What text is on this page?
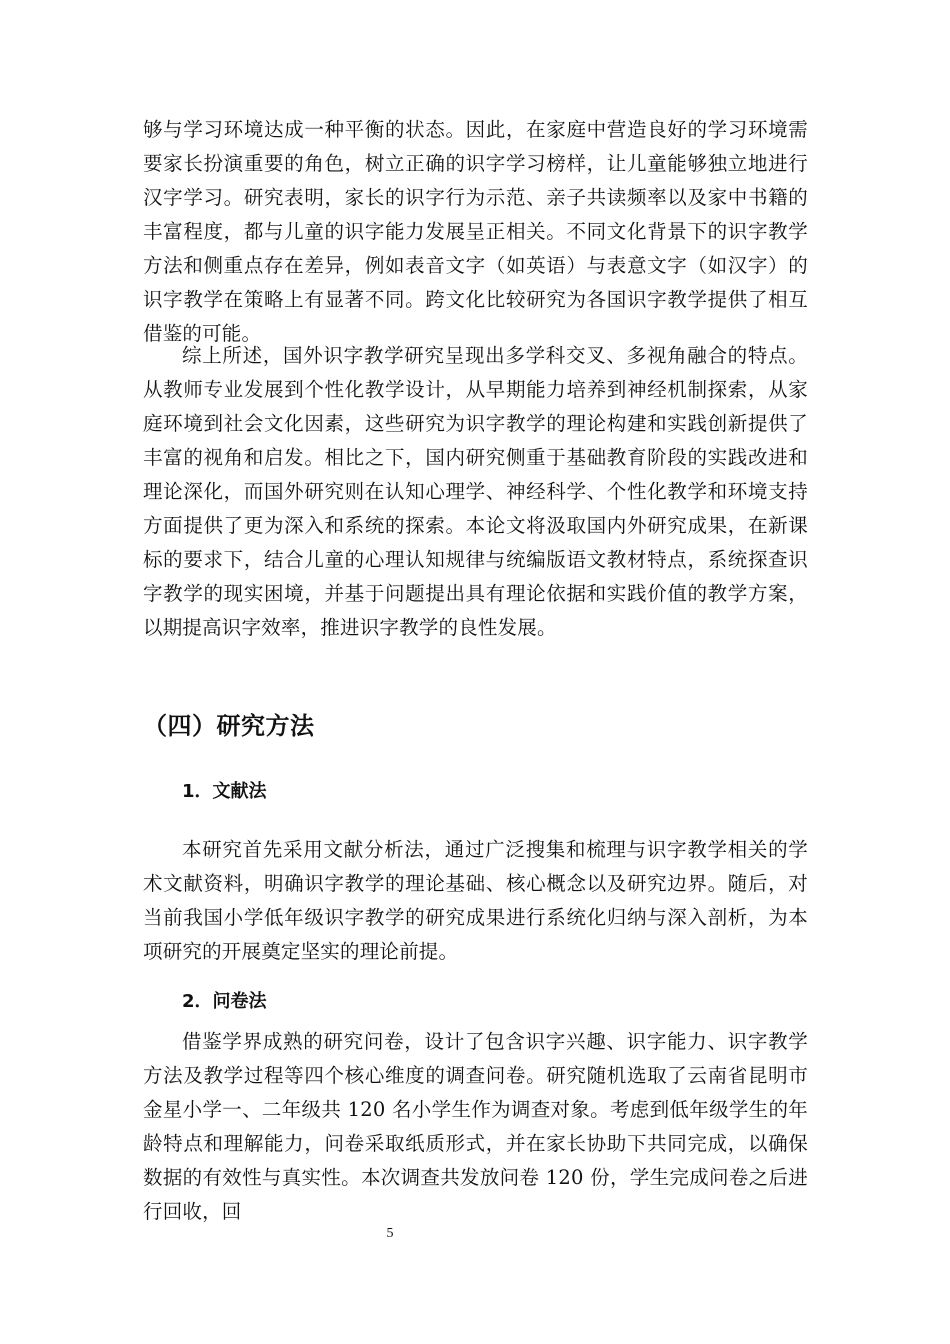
够与学习环境达成一种平衡的状态。因此，在家庭中营造良好的学习环境需要家长扮演重要的角色，树立正确的识字学习榜样，让儿童能够独立地进行汉字学习。研究表明，家长的识字行为示范、亲子共读频率以及家中书籍的丰富程度，都与儿童的识字能力发展呈正相关。不同文化背景下的识字教学方法和侧重点存在差异，例如表音文字（如英语）与表意文字（如汉字）的识字教学在策略上有显著不同。跨文化比较研究为各国识字教学提供了相互借鉴的可能。

综上所述，国外识字教学研究呈现出多学科交叉、多视角融合的特点。从教师专业发展到个性化教学设计，从早期能力培养到神经机制探索，从家庭环境到社会文化因素，这些研究为识字教学的理论构建和实践创新提供了丰富的视角和启发。相比之下，国内研究侧重于基础教育阶段的实践改进和理论深化，而国外研究则在认知心理学、神经科学、个性化教学和环境支持方面提供了更为深入和系统的探索。本论文将汲取国内外研究成果，在新课标的要求下，结合儿童的心理认知规律与统编版语文教材特点，系统探查识字教学的现实困境，并基于问题提出具有理论依据和实践价值的教学方案，以期提高识字效率，推进识字教学的良性发展。

（四）研究方法
1．文献法

本研究首先采用文献分析法，通过广泛搜集和梳理与识字教学相关的学术文献资料，明确识字教学的理论基础、核心概念以及研究边界。随后，对当前我国小学低年级识字教学的研究成果进行系统化归纳与深入剖析，为本项研究的开展奠定坚实的理论前提。

2．问卷法

借鉴学界成熟的研究问卷，设计了包含识字兴趣、识字能力、识字教学方法及教学过程等四个核心维度的调查问卷。研究随机选取了云南省昆明市金星小学一、二年级共 120 名小学生作为调查对象。考虑到低年级学生的年龄特点和理解能力，问卷采取纸质形式，并在家长协助下共同完成，以确保数据的有效性与真实性。本次调查共发放问卷 120 份，学生完成问卷之后进行回收，回

5
